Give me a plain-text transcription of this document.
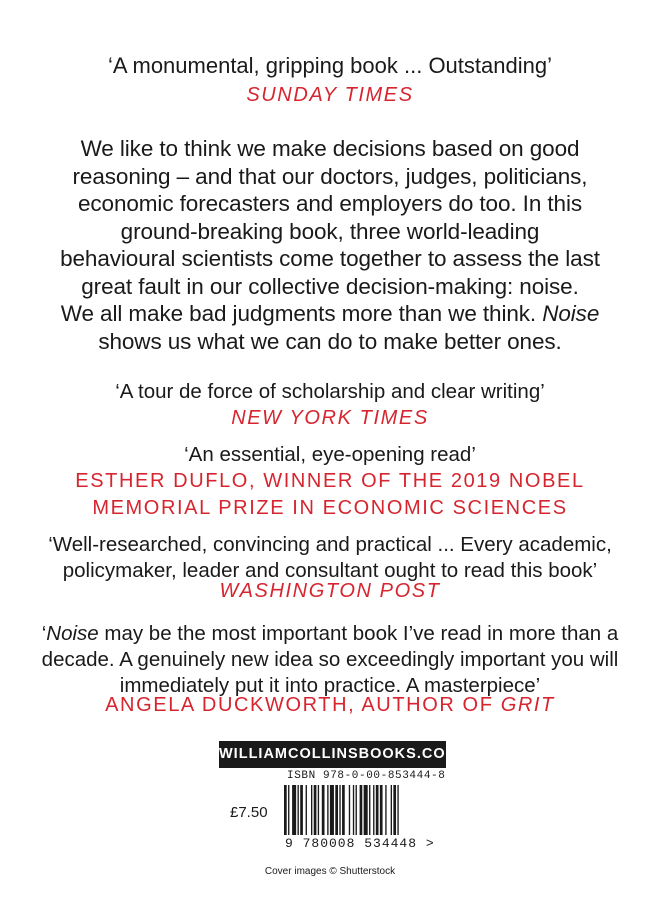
‘A monumental, gripping book ... Outstanding’
SUNDAY TIMES
We like to think we make decisions based on good
reasoning – and that our doctors, judges, politicians,
economic forecasters and employers do too. In this
ground-breaking book, three world-leading
behavioural scientists come together to assess the last
great fault in our collective decision-making: noise.
We all make bad judgments more than we think. Noise
shows us what we can do to make better ones.
‘A tour de force of scholarship and clear writing’
NEW YORK TIMES
‘An essential, eye-opening read’
ESTHER DUFLO, WINNER OF THE 2019 NOBEL
MEMORIAL PRIZE IN ECONOMIC SCIENCES
‘Well-researched, convincing and practical ... Every academic,
policymaker, leader and consultant ought to read this book’
WASHINGTON POST
‘Noise may be the most important book I’ve read in more than a
decade. A genuinely new idea so exceedingly important you will
immediately put it into practice. A masterpiece’
ANGELA DUCKWORTH, AUTHOR OF GRIT
WILLIAMCOLLINSBOOKS.COM
£7.50
ISBN 978-0-00-853444-8
9 780008 534448 >
Cover images © Shutterstock
